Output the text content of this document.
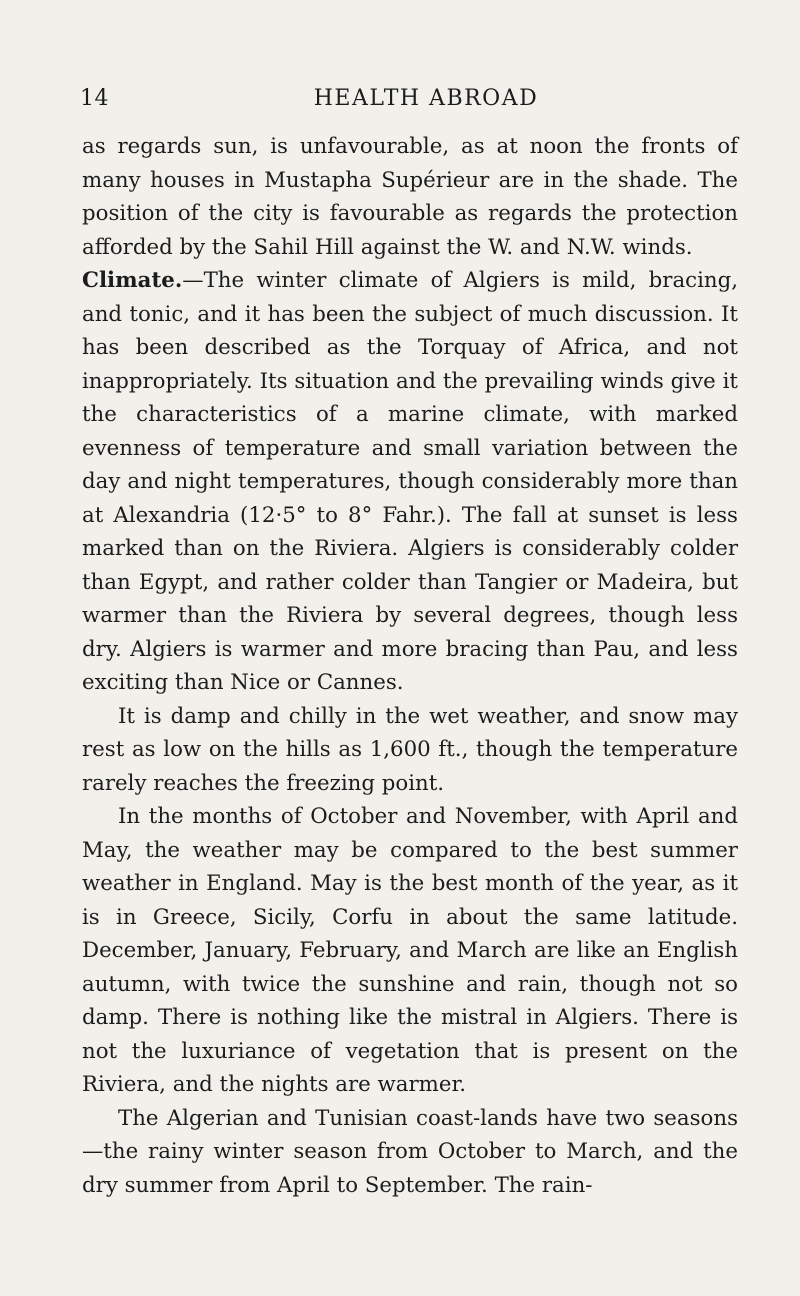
14	HEALTH ABROAD

as regards sun, is unfavourable, as at noon the fronts of many houses in Mustapha Supérieur are in the shade. The position of the city is favourable as regards the protection afforded by the Sahil Hill against the W. and N.W. winds.

Climate.—The winter climate of Algiers is mild, bracing, and tonic, and it has been the subject of much discussion. It has been described as the Torquay of Africa, and not inappropriately. Its situation and the prevailing winds give it the characteristics of a marine climate, with marked evenness of temperature and small variation between the day and night temperatures, though considerably more than at Alexandria (12·5° to 8° Fahr.). The fall at sunset is less marked than on the Riviera. Algiers is considerably colder than Egypt, and rather colder than Tangier or Madeira, but warmer than the Riviera by several degrees, though less dry. Algiers is warmer and more bracing than Pau, and less exciting than Nice or Cannes.

It is damp and chilly in the wet weather, and snow may rest as low on the hills as 1,600 ft., though the temperature rarely reaches the freezing point.

In the months of October and November, with April and May, the weather may be compared to the best summer weather in England. May is the best month of the year, as it is in Greece, Sicily, Corfu in about the same latitude. December, January, February, and March are like an English autumn, with twice the sunshine and rain, though not so damp. There is nothing like the mistral in Algiers. There is not the luxuriance of vegetation that is present on the Riviera, and the nights are warmer.

The Algerian and Tunisian coast-lands have two seasons—the rainy winter season from October to March, and the dry summer from April to September. The rain-
